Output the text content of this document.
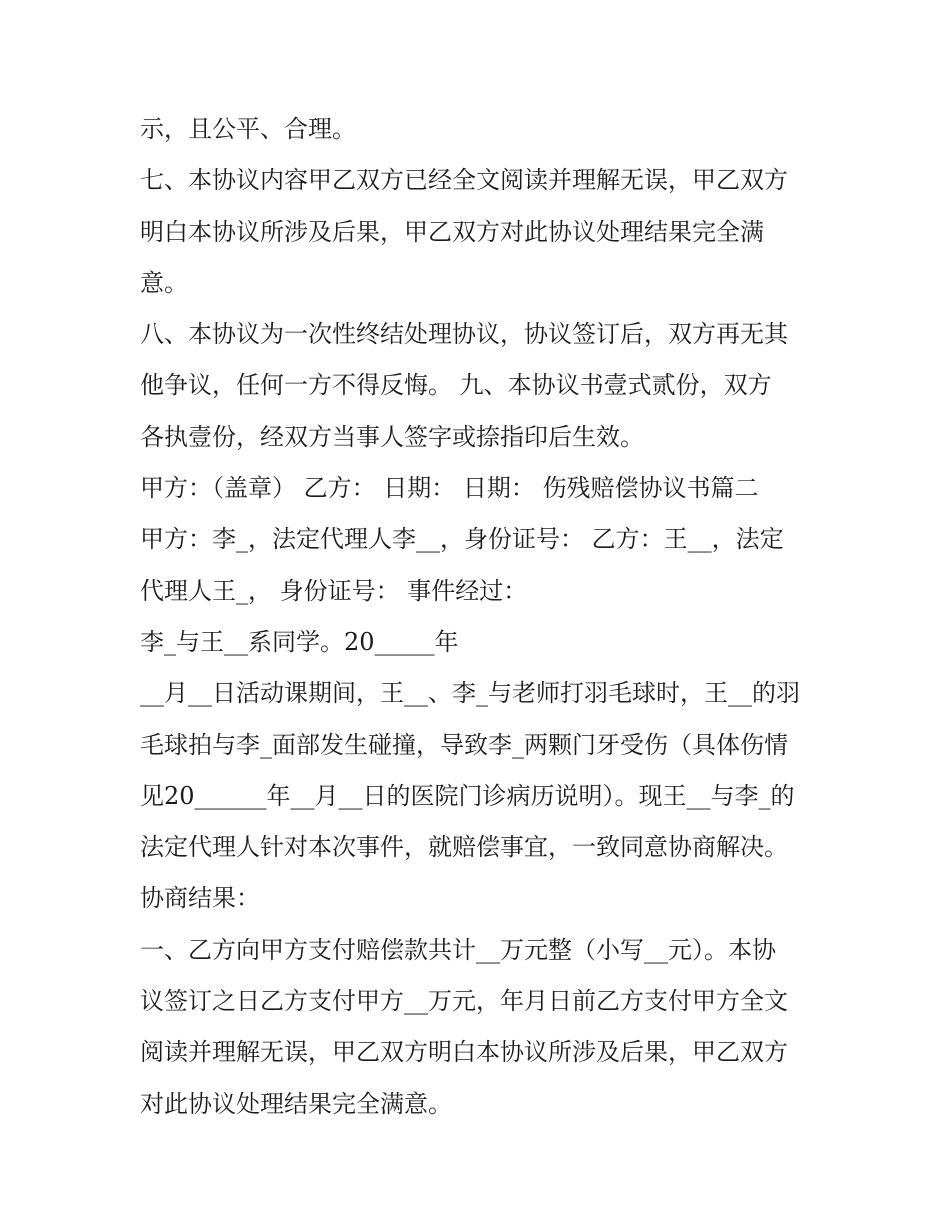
示，且公平、合理。
七、本协议内容甲乙双方已经全文阅读并理解无误，甲乙双方
明白本协议所涉及后果，甲乙双方对此协议处理结果完全满
意。
八、本协议为一次性终结处理协议，协议签订后，双方再无其
他争议，任何一方不得反悔。 九、本协议书壹式贰份，双方
各执壹份，经双方当事人签字或捺指印后生效。
甲方：（盖章） 乙方： 日期： 日期： 伤残赔偿协议书篇二
甲方：李_，法定代理人李__，身份证号： 乙方：王__，法定
代理人王_， 身份证号： 事件经过：
李_与王__系同学。20_____年
__月__日活动课期间，王__、李_与老师打羽毛球时，王__的羽
毛球拍与李_面部发生碰撞，导致李_两颗门牙受伤（具体伤情
见20______年__月__日的医院门诊病历说明）。现王__与李_的
法定代理人针对本次事件，就赔偿事宜，一致同意协商解决。
协商结果：
一、乙方向甲方支付赔偿款共计__万元整（小写__元）。本协
议签订之日乙方支付甲方__万元，年月日前乙方支付甲方全文
阅读并理解无误，甲乙双方明白本协议所涉及后果，甲乙双方
对此协议处理结果完全满意。
